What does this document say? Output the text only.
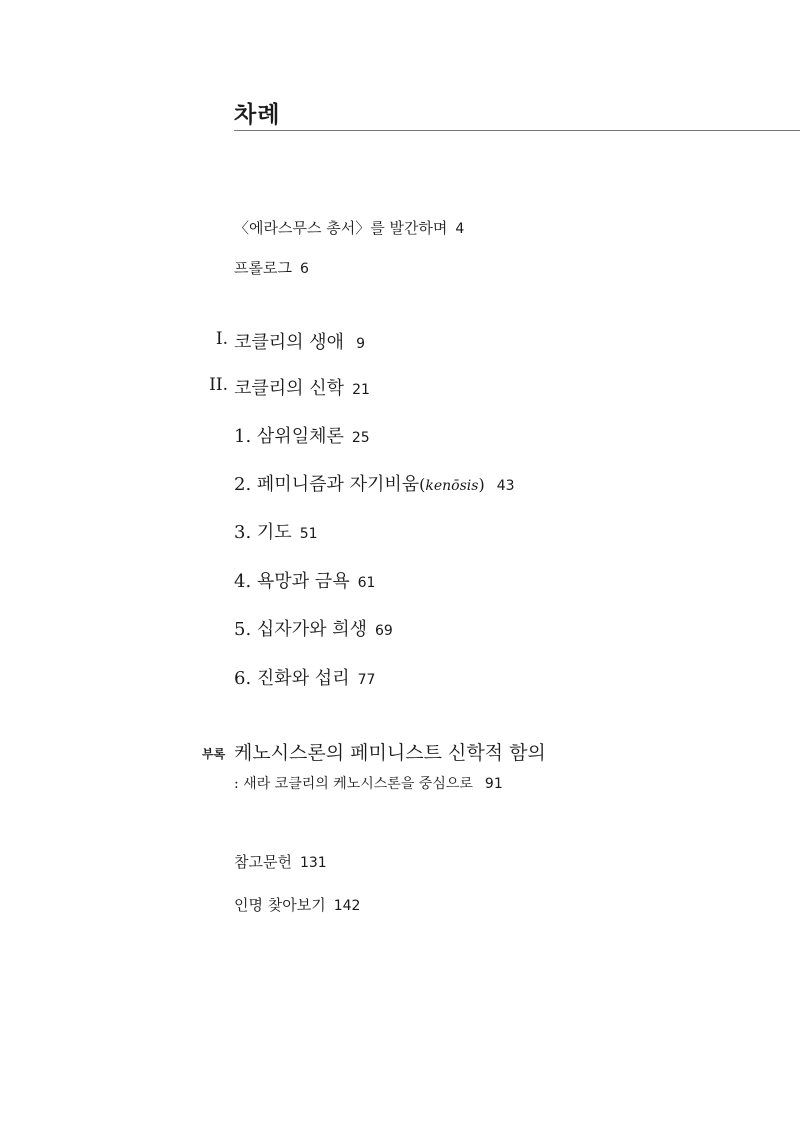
차례
〈에라스무스 총서〉를 발간하며 4
프롤로그 6
I. 코클리의 생애 9
II. 코클리의 신학 21
1. 삼위일체론 25
2. 페미니즘과 자기비움(kenōsis) 43
3. 기도 51
4. 욕망과 금욕 61
5. 십자가와 희생 69
6. 진화와 섭리 77
부록 케노시스론의 페미니스트 신학적 함의
: 새라 코클리의 케노시스론을 중심으로 91
참고문헌 131
인명 찾아보기 142
